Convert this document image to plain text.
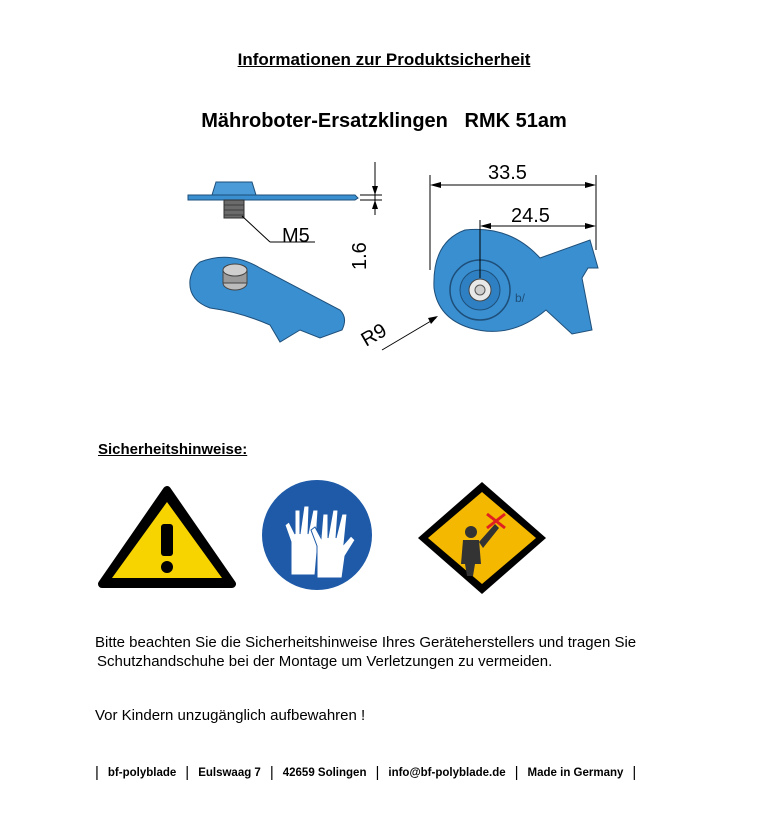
Informationen zur Produktsicherheit
Mähroboter-Ersatzklingen   RMK 51am
M5
1.6
b/
33.5
24.5
R9
Sicherheitshinweise:
Bitte beachten Sie die Sicherheitshinweise Ihres Geräteherstellers und tragen Sie
Schutzhandschuhe bei der Montage um Verletzungen zu vermeiden.
Vor Kindern unzugänglich aufbewahren !
| bf-polyblade | Eulswaag 7 | 42659 Solingen | info@bf-polyblade.de | Made in Germany |
